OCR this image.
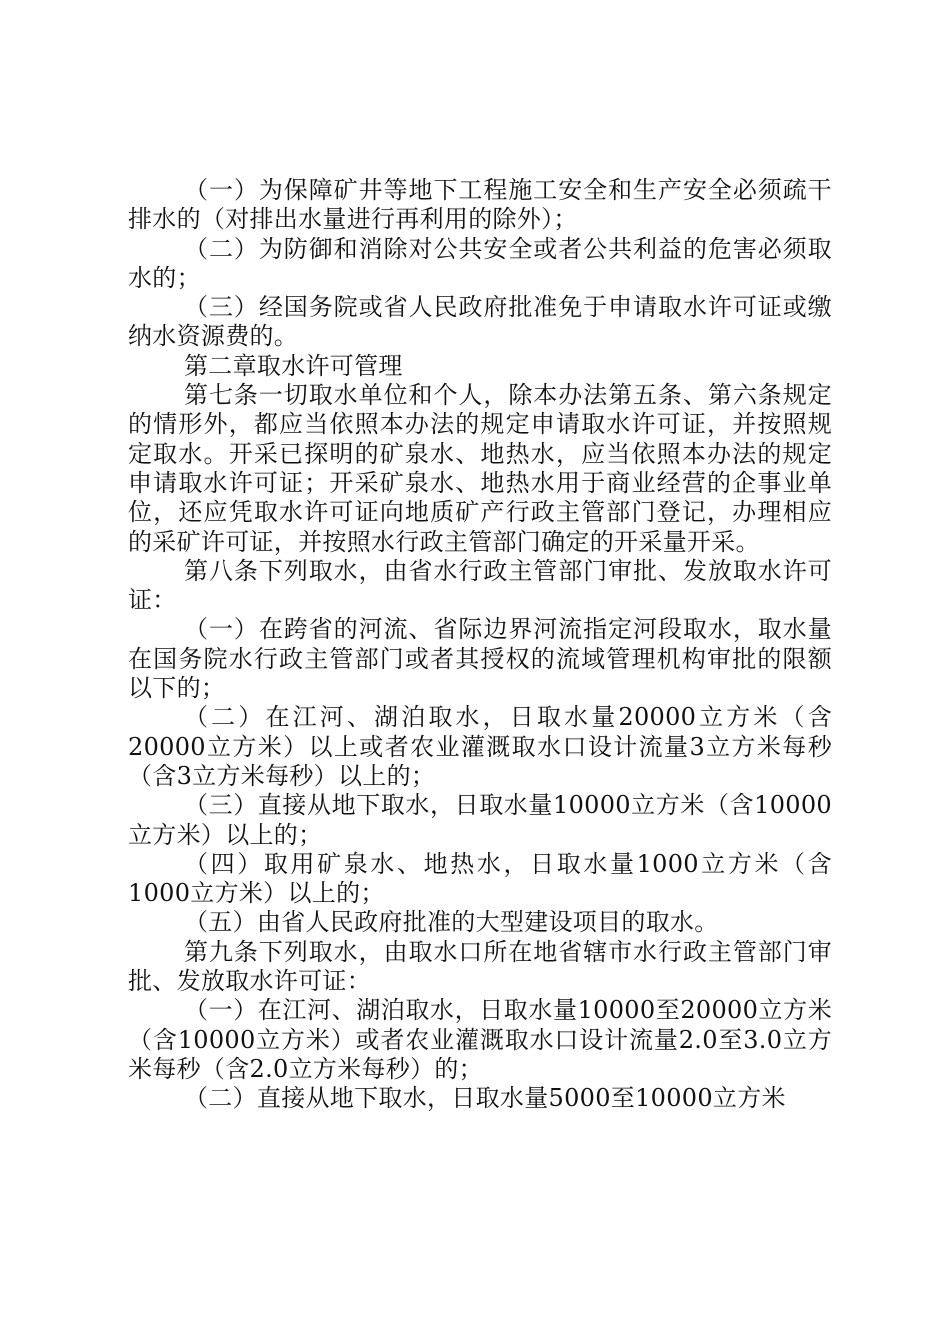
（一）为保障矿井等地下工程施工安全和生产安全必须疏干排水的（对排出水量进行再利用的除外）；

（二）为防御和消除对公共安全或者公共利益的危害必须取水的；

（三）经国务院或省人民政府批准免于申请取水许可证或缴纳水资源费的。

第二章取水许可管理

第七条一切取水单位和个人，除本办法第五条、第六条规定的情形外，都应当依照本办法的规定申请取水许可证，并按照规定取水。开采已探明的矿泉水、地热水，应当依照本办法的规定申请取水许可证；开采矿泉水、地热水用于商业经营的企事业单位，还应凭取水许可证向地质矿产行政主管部门登记，办理相应的采矿许可证，并按照水行政主管部门确定的开采量开采。

第八条下列取水，由省水行政主管部门审批、发放取水许可证：

（一）在跨省的河流、省际边界河流指定河段取水，取水量在国务院水行政主管部门或者其授权的流域管理机构审批的限额以下的；

（二）在江河、湖泊取水，日取水量20000立方米（含20000立方米）以上或者农业灌溉取水口设计流量3立方米每秒（含3立方米每秒）以上的；

（三）直接从地下取水，日取水量10000立方米（含10000立方米）以上的；

（四）取用矿泉水、地热水，日取水量1000立方米（含1000立方米）以上的；

（五）由省人民政府批准的大型建设项目的取水。

第九条下列取水，由取水口所在地省辖市水行政主管部门审批、发放取水许可证：

（一）在江河、湖泊取水，日取水量10000至20000立方米（含10000立方米）或者农业灌溉取水口设计流量2.0至3.0立方米每秒（含2.0立方米每秒）的；

（二）直接从地下取水，日取水量5000至10000立方米
